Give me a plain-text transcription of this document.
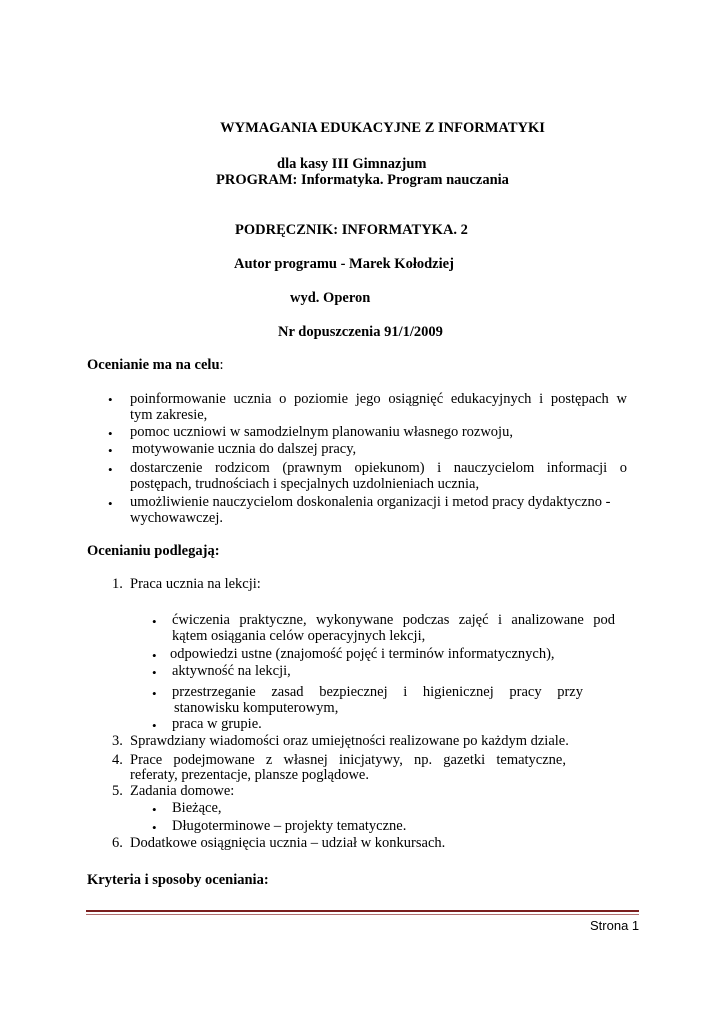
WYMAGANIA EDUKACYJNE Z INFORMATYKI
dla kasy III Gimnazjum
PROGRAM: Informatyka. Program nauczania
PODRĘCZNIK: INFORMATYKA. 2
Autor programu - Marek Kołodziej
wyd. Operon
Nr dopuszczenia 91/1/2009
Ocenianie ma na celu:
• poinformowanie ucznia o poziomie jego osiągnięć edukacyjnych i postępach w
tym zakresie,
• pomoc uczniowi w samodzielnym planowaniu własnego rozwoju,
• motywowanie ucznia do dalszej pracy,
• dostarczenie rodzicom (prawnym opiekunom) i nauczycielom informacji o
postępach, trudnościach i specjalnych uzdolnieniach ucznia,
• umożliwienie nauczycielom doskonalenia organizacji i metod pracy dydaktyczno -
wychowawczej.
Ocenianiu podlegają:
1. Praca ucznia na lekcji:
• ćwiczenia praktyczne, wykonywane podczas zajęć i analizowane pod
kątem osiągania celów operacyjnych lekcji,
• odpowiedzi ustne (znajomość pojęć i terminów informatycznych),
• aktywność na lekcji,
• przestrzeganie zasad bezpiecznej i higienicznej pracy przy
stanowisku komputerowym,
• praca w grupie.
3. Sprawdziany wiadomości oraz umiejętności realizowane po każdym dziale.
4. Prace podejmowane z własnej inicjatywy, np. gazetki tematyczne,
referaty, prezentacje, plansze poglądowe.
5. Zadania domowe:
• Bieżące,
• Długoterminowe – projekty tematyczne.
6. Dodatkowe osiągnięcia ucznia – udział w konkursach.
Kryteria i sposoby oceniania:
Strona 1
